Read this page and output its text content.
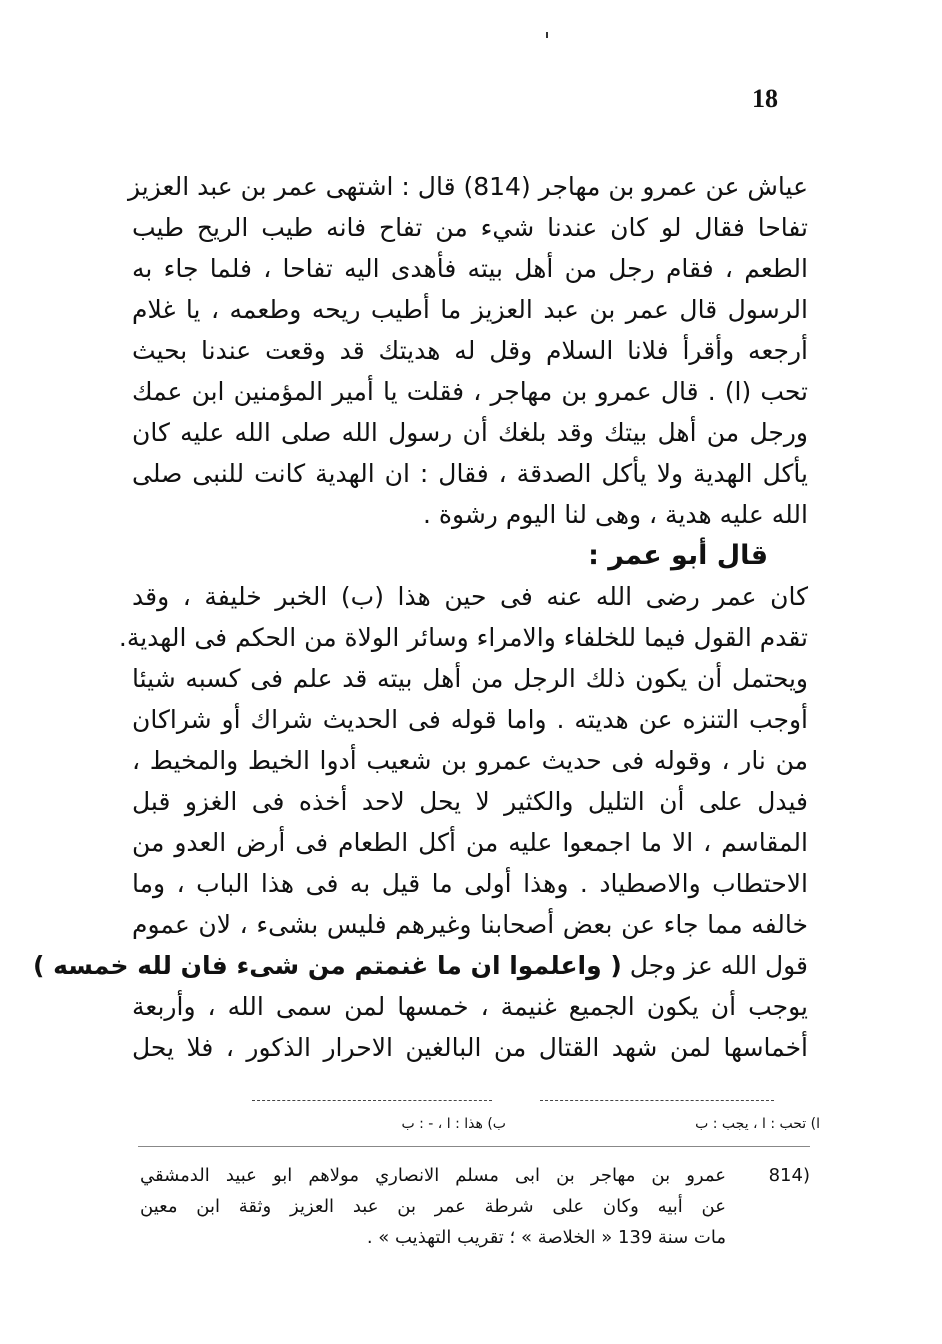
18
عياش عن عمرو بن مهاجر (814) قال : اشتهى عمر بن عبد العزيز
تفاحا فقال لو كان عندنا شيء من تفاح فانه طيب الريح طيب
الطعم ، فقام رجل من أهل بيته فأهدى اليه تفاحا ، فلما جاء به
الرسول قال عمر بن عبد العزيز ما أطيب ريحه وطعمه ، يا غلام
أرجعه وأقرأ فلانا السلام وقل له هديتك قد وقعت عندنا بحيث
تحب (ا) . قال عمرو بن مهاجر ، فقلت يا أمير المؤمنين ابن عمك
ورجل من أهل بيتك وقد بلغك أن رسول الله صلى الله عليه كان
يأكل الهدية ولا يأكل الصدقة ، فقال : ان الهدية كانت للنبى صلى
الله عليه هدية ، وهى لنا اليوم رشوة .
قال أبو عمر :
كان عمر رضى الله عنه فى حين هذا (ب) الخبر خليفة ، وقد
تقدم القول فيما للخلفاء والامراء وسائر الولاة من الحكم فى الهدية.
ويحتمل أن يكون ذلك الرجل من أهل بيته قد علم فى كسبه شيئا
أوجب التنزه عن هديته . واما قوله فى الحديث شراك أو شراكان
من نار ، وقوله فى حديث عمرو بن شعيب أدوا الخيط والمخيط ،
فيدل على أن التليل والكثير لا يحل لاحد أخذه فى الغزو قبل
المقاسم ، الا ما اجمعوا عليه من أكل الطعام فى أرض العدو من
الاحتطاب والاصطياد . وهذا أولى ما قيل به فى هذا الباب ، وما
خالفه مما جاء عن بعض أصحابنا وغيرهم فليس بشىء ، لان عموم
قول الله عز وجل ( واعلموا ان ما غنمتم من شىء فان لله خمسه )
يوجب أن يكون الجميع غنيمة ، خمسها لمن سمى الله ، وأربعة
أخماسها لمن شهد القتال من البالغين الاحرار الذكور ، فلا يحل
ا) تحب : ا ، يجب : ب
ب) هذا : ا ، - : ب
(814
عمرو بن مهاجر بن ابى مسلم الانصاري مولاهم ابو عبيد الدمشقي
عن أبيه وكان على شرطة عمر بن عبد العزيز وثقة ابن معين
مات سنة 139 « الخلاصة » ؛ تقريب التهذيب » .
